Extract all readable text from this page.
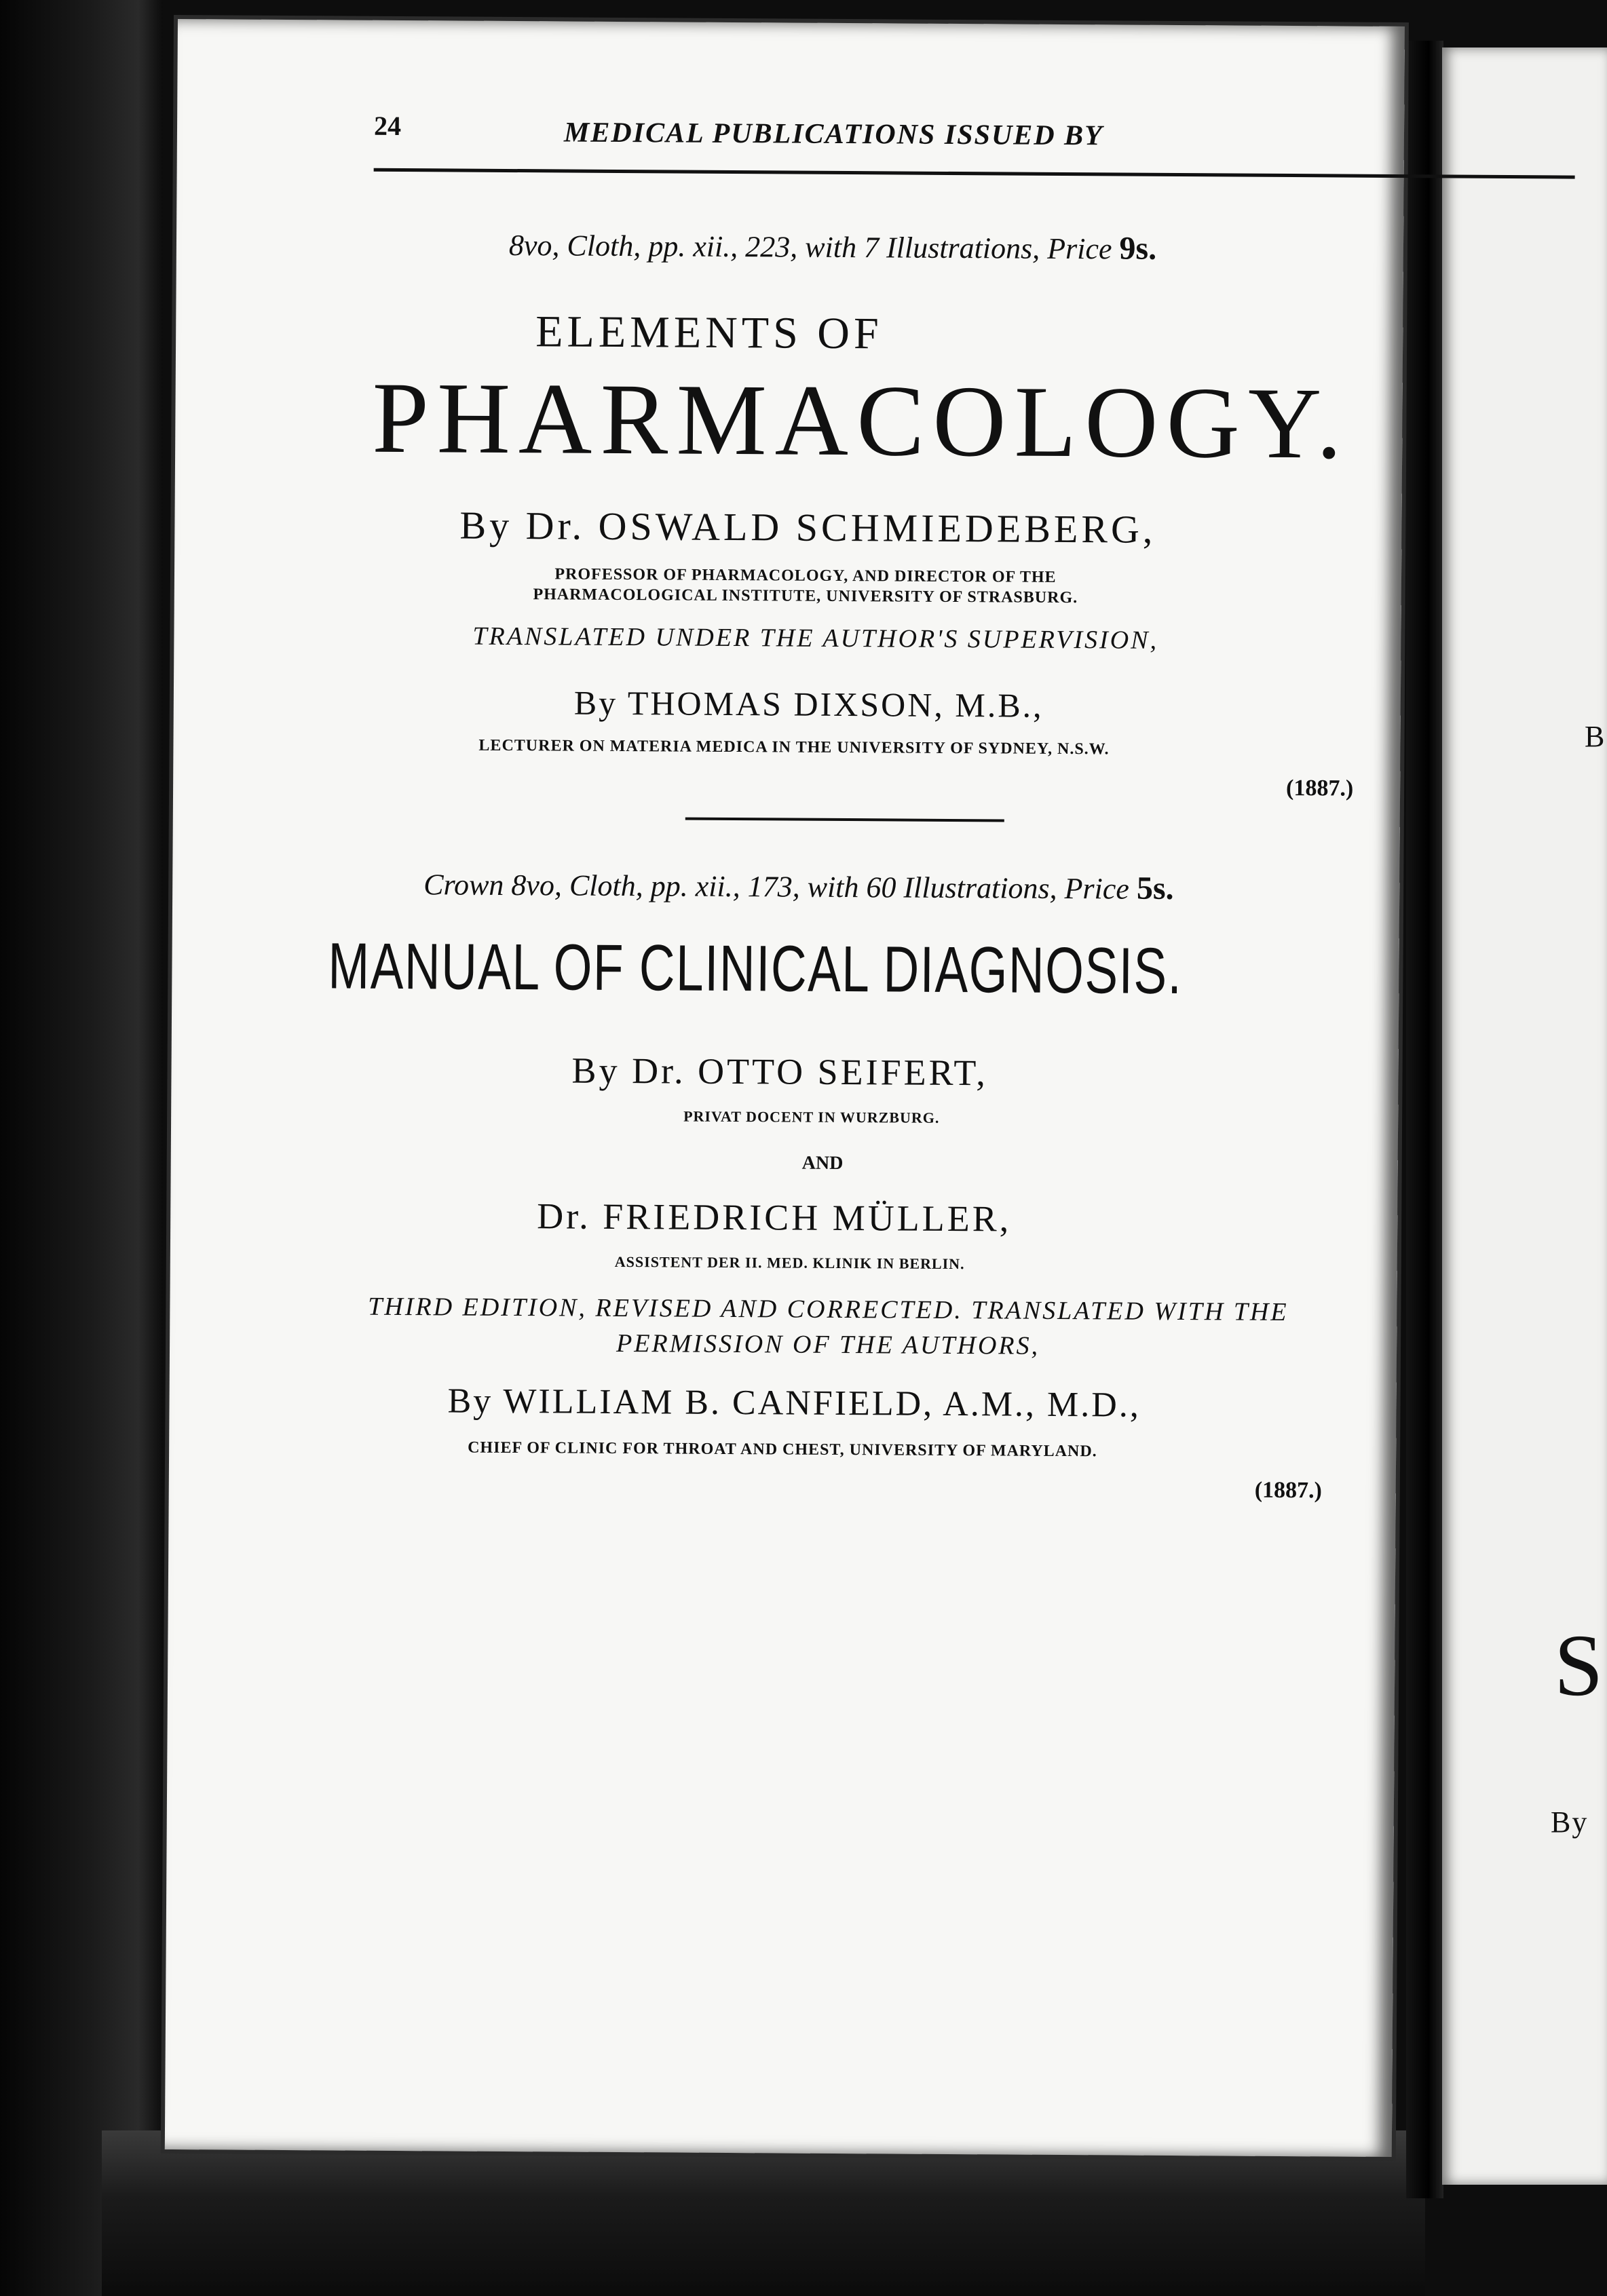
B
S
By
24	MEDICAL PUBLICATIONS ISSUED BY
8vo, Cloth, pp. xii., 223, with 7 Illustrations, Price 9s.
ELEMENTS OF
PHARMACOLOGY.
By Dr. OSWALD SCHMIEDEBERG,
PROFESSOR OF PHARMACOLOGY, AND DIRECTOR OF THE PHARMACOLOGICAL INSTITUTE, UNIVERSITY OF STRASBURG.
TRANSLATED UNDER THE AUTHOR'S SUPERVISION,
By THOMAS DIXSON, M.B.,
LECTURER ON MATERIA MEDICA IN THE UNIVERSITY OF SYDNEY, N.S.W.
(1887.)
Crown 8vo, Cloth, pp. xii., 173, with 60 Illustrations, Price 5s.
MANUAL OF CLINICAL DIAGNOSIS.
By Dr. OTTO SEIFERT,
PRIVAT DOCENT IN WURZBURG.
AND
Dr. FRIEDRICH MÜLLER,
ASSISTENT DER II. MED. KLINIK IN BERLIN.
THIRD EDITION, REVISED AND CORRECTED. TRANSLATED WITH THE PERMISSION OF THE AUTHORS,
By WILLIAM B. CANFIELD, A.M., M.D.,
CHIEF OF CLINIC FOR THROAT AND CHEST, UNIVERSITY OF MARYLAND.
(1887.)
